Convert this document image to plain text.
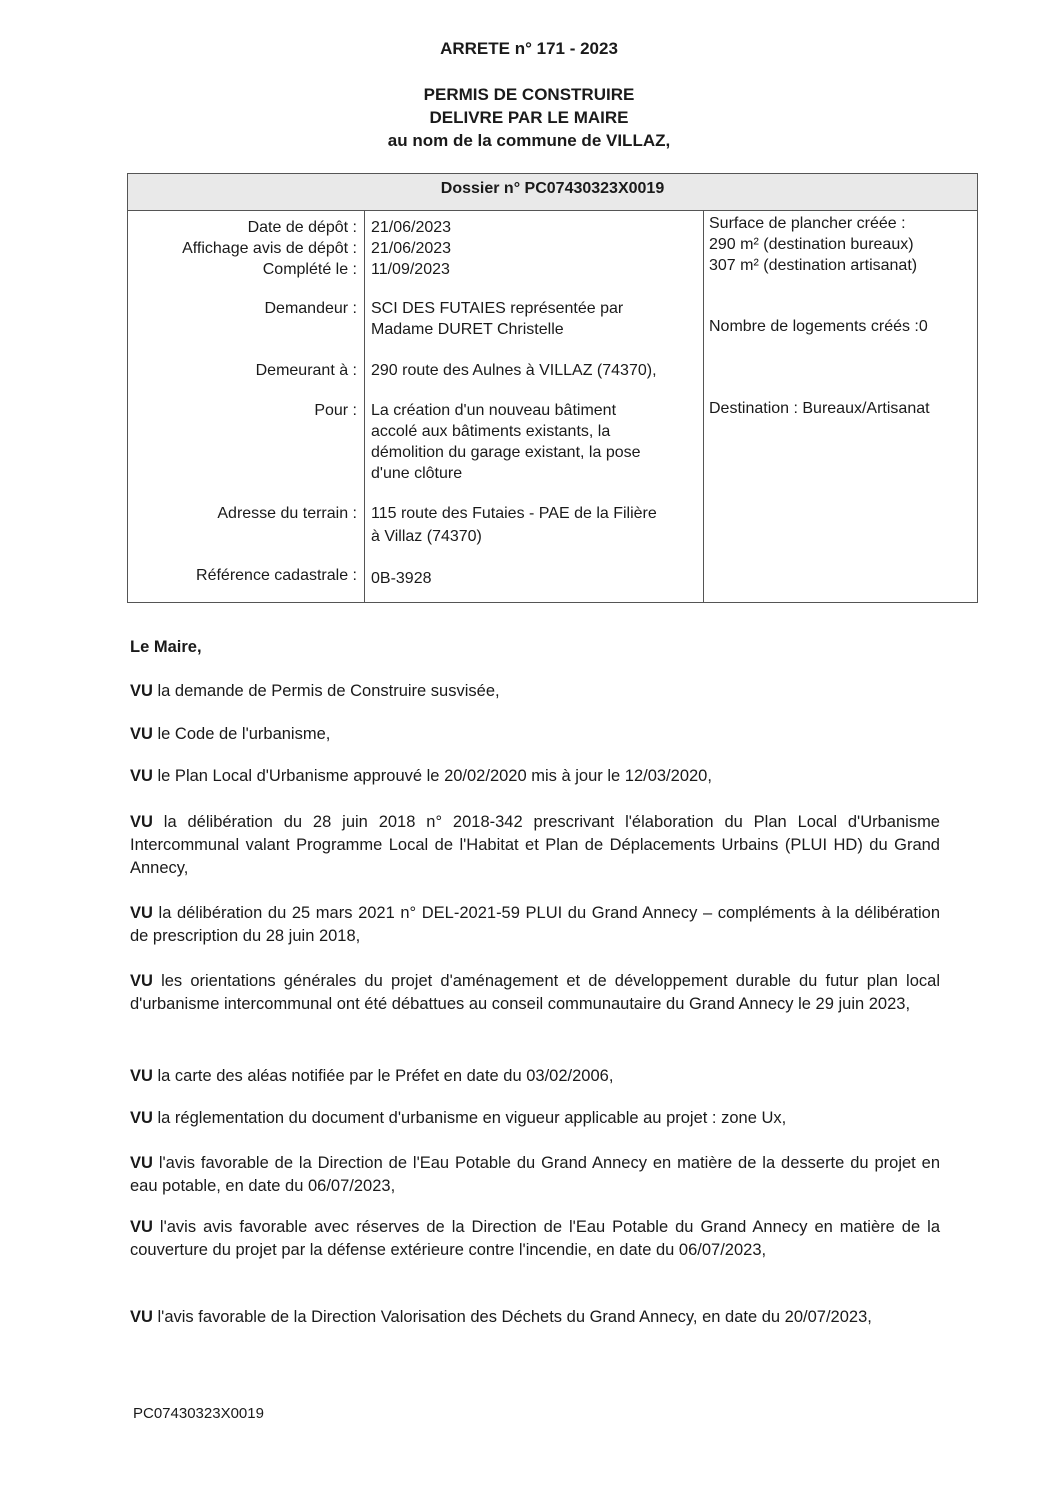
ARRETE n° 171 - 2023
PERMIS DE CONSTRUIRE
DELIVRE PAR LE MAIRE
au nom de la commune de VILLAZ,
Dossier n° PC07430323X0019
Date de dépôt :
Affichage avis de dépôt :
Complété le :
Demandeur :
Demeurant à :
Pour :
Adresse du terrain :
Référence cadastrale :
21/06/2023
21/06/2023
11/09/2023
SCI DES FUTAIES représentée par
Madame DURET Christelle
290 route des Aulnes à VILLAZ (74370),
La création d'un nouveau bâtiment
accolé aux bâtiments existants, la
démolition du garage existant, la pose
d'une clôture
115 route des Futaies - PAE de la Filière
à Villaz (74370)
0B-3928
Surface de plancher créée :
290 m² (destination bureaux)
307 m² (destination artisanat)
Nombre de logements créés :0
Destination : Bureaux/Artisanat
Le Maire,
VU la demande de Permis de Construire susvisée,
VU le Code de l'urbanisme,
VU le Plan Local d'Urbanisme approuvé le 20/02/2020 mis à jour le 12/03/2020,
VU la délibération du 28 juin 2018 n° 2018-342 prescrivant l'élaboration du Plan Local d'Urbanisme Intercommunal valant Programme Local de l'Habitat et Plan de Déplacements Urbains (PLUI HD) du Grand Annecy,
VU la délibération du 25 mars 2021 n° DEL-2021-59 PLUI du Grand Annecy – compléments à la délibération de prescription du 28 juin 2018,
VU les orientations générales du projet d'aménagement et de développement durable du futur plan local d'urbanisme intercommunal ont été débattues au conseil communautaire du Grand Annecy le 29 juin 2023,
VU la carte des aléas notifiée par le Préfet en date du 03/02/2006,
VU la réglementation du document d'urbanisme en vigueur applicable au projet : zone Ux,
VU l'avis favorable de la Direction de l'Eau Potable du Grand Annecy en matière de la desserte du projet en eau potable, en date du 06/07/2023,
VU l'avis avis favorable avec réserves de la Direction de l'Eau Potable du Grand Annecy en matière de la couverture du projet par la défense extérieure contre l'incendie, en date du 06/07/2023,
VU l'avis favorable de la Direction Valorisation des Déchets du Grand Annecy, en date du 20/07/2023,
PC07430323X0019
